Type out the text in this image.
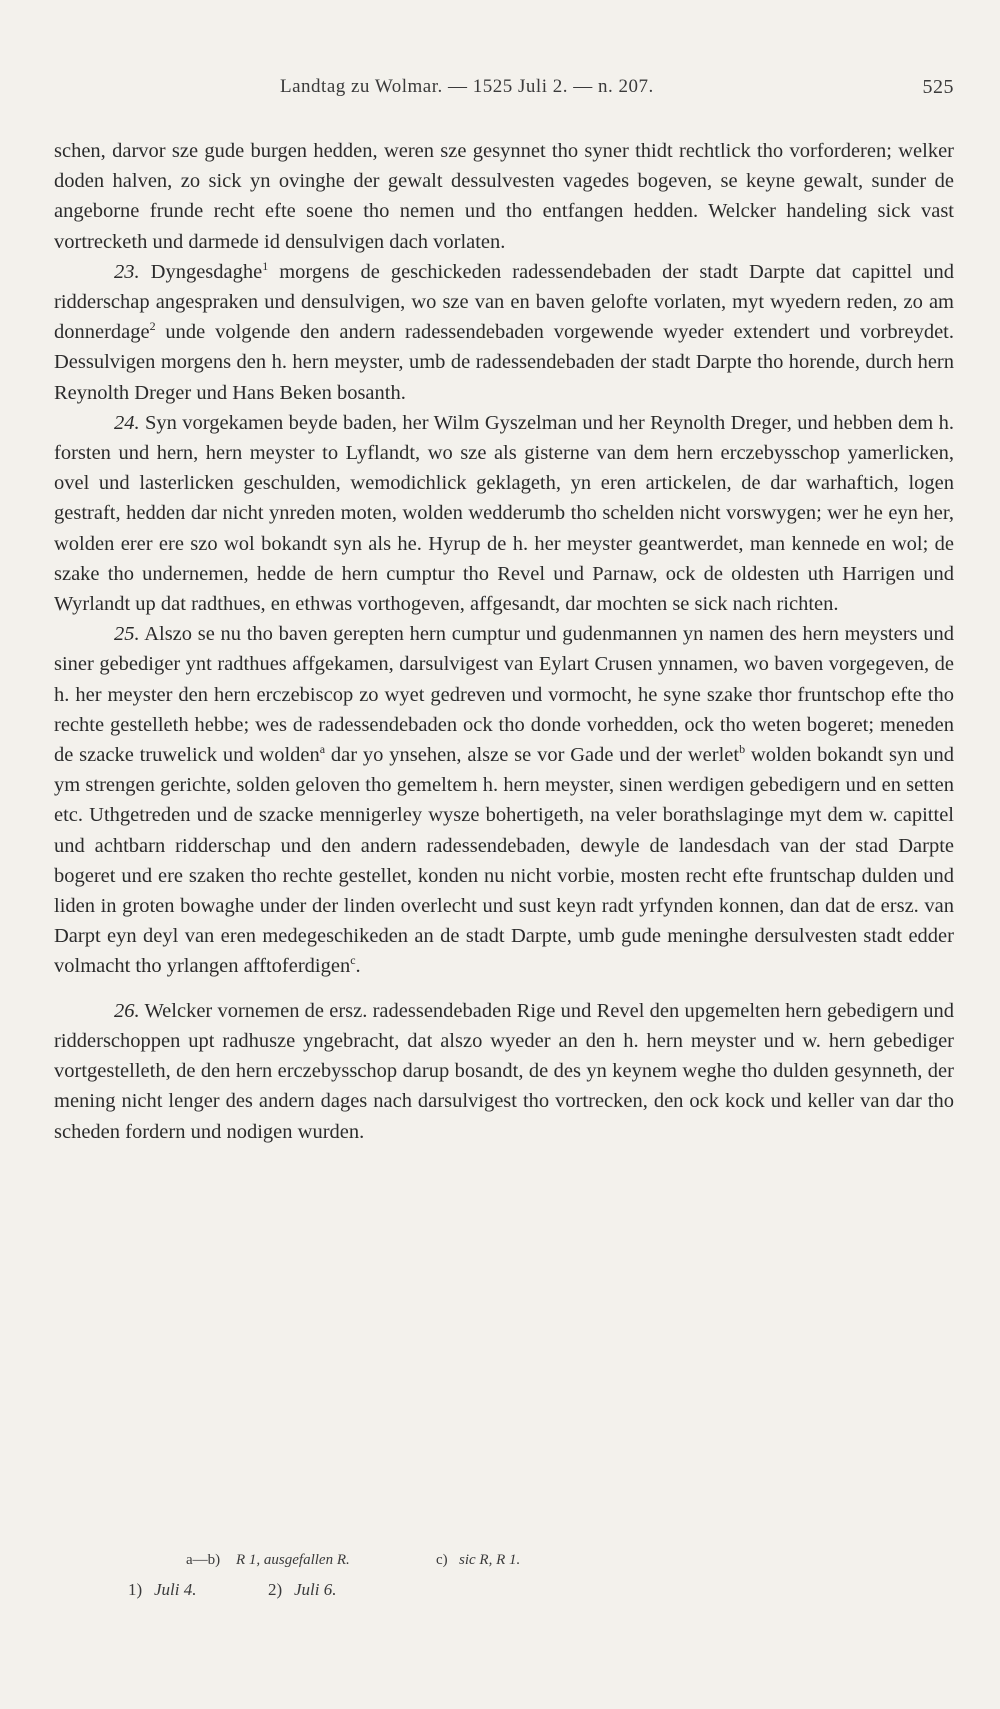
Landtag zu Wolmar. — 1525 Juli 2. — n. 207.	525

schen, darvor sze gude burgen hedden, weren sze gesynnet tho syner thidt rechtlick tho vorforderen; welker doden halven, zo sick yn ovinghe der gewalt dessulvesten vagedes bogeven, se keyne gewalt, sunder de angeborne frunde recht efte soene tho nemen und tho entfangen hedden. Welcker handeling sick vast vortrecketh und darmede id densulvigen dach vorlaten.

23. Dyngesdaghe$^1$ morgens de geschickeden radessendebaden der stadt Darpte dat capittel und ridderschap angespraken und densulvigen, wo sze van en baven gelofte vorlaten, myt wyedern reden, zo am donnerdage$^2$ unde volgende den andern radessendebaden vorgewende wyeder extendert und vorbreydet. Dessulvigen morgens den h. hern meyster, umb de radessendebaden der stadt Darpte tho horende, durch hern Reynolth Dreger und Hans Beken bosanth.

24. Syn vorgekamen beyde baden, her Wilm Gyszelman und her Reynolth Dreger, und hebben dem h. forsten und hern, hern meyster to Lyflandt, wo sze als gisterne van dem hern erczebysschop yamerlicken, ovel und lasterlicken geschulden, wemodichlick geklageth, yn eren artickelen, de dar warhaftich, logen gestraft, hedden dar nicht ynreden moten, wolden wedderumb tho schelden nicht vorswygen; wer he eyn her, wolden erer ere szo wol bokandt syn als he. Hyrup de h. her meyster geantwerdet, man kennede en wol; de szake tho undernemen, hedde de hern cumptur tho Revel und Parnaw, ock de oldesten uth Harrigen und Wyrlandt up dat radthues, en ethwas vorthogeven, affgesandt, dar mochten se sick nach richten.

25. Alszo se nu tho baven gerepten hern cumptur und gudenmannen yn namen des hern meysters und siner gebediger ynt radthues affgekamen, darsulvigest van Eylart Crusen ynnamen, wo baven vorgegeven, de h. her meyster den hern erczebiscop zo wyet gedreven und vormocht, he syne szake thor fruntschop efte tho rechte gestelleth hebbe; wes de radessendebaden ock tho donde vorhedden, ock tho weten bogeret; meneden de szacke truwelick und wolden$^a$ dar yo ynsehen, alsze se vor Gade und der werlet$^b$ wolden bokandt syn und ym strengen gerichte, solden geloven tho gemeltem h. hern meyster, sinen werdigen gebedigern und en setten etc. Uthgetreden und de szacke mennigerley wysze bohertigeth, na veler borathslaginge myt dem w. capittel und achtbarn ridderschap und den andern radessendebaden, dewyle de landesdach van der stad Darpte bogeret und ere szaken tho rechte gestellet, konden nu nicht vorbie, mosten recht efte fruntschap dulden und liden in groten bowaghe under der linden overlecht und sust keyn radt yrfynden konnen, dan dat de ersz. van Darpt eyn deyl van eren medegeschikeden an de stadt Darpte, umb gude meninghe dersulvesten stadt edder volmacht tho yrlangen afftoferdigen$^c$.

26. Welcker vornemen de ersz. radessendebaden Rige und Revel den upgemelten hern gebedigern und ridderschoppen upt radhusze yngebracht, dat alszo wyeder an den h. hern meyster und w. hern gebediger vortgestelleth, de den hern erczebysschop darup bosandt, de des yn keynem weghe tho dulden gesynneth, der mening nicht lenger des andern dages nach darsulvigest tho vortrecken, den ock kock und keller van dar tho scheden fordern und nodigen wurden.

a—b) R 1, ausgefallen R.	c) sic R, R 1.
1) Juli 4.	2) Juli 6.
